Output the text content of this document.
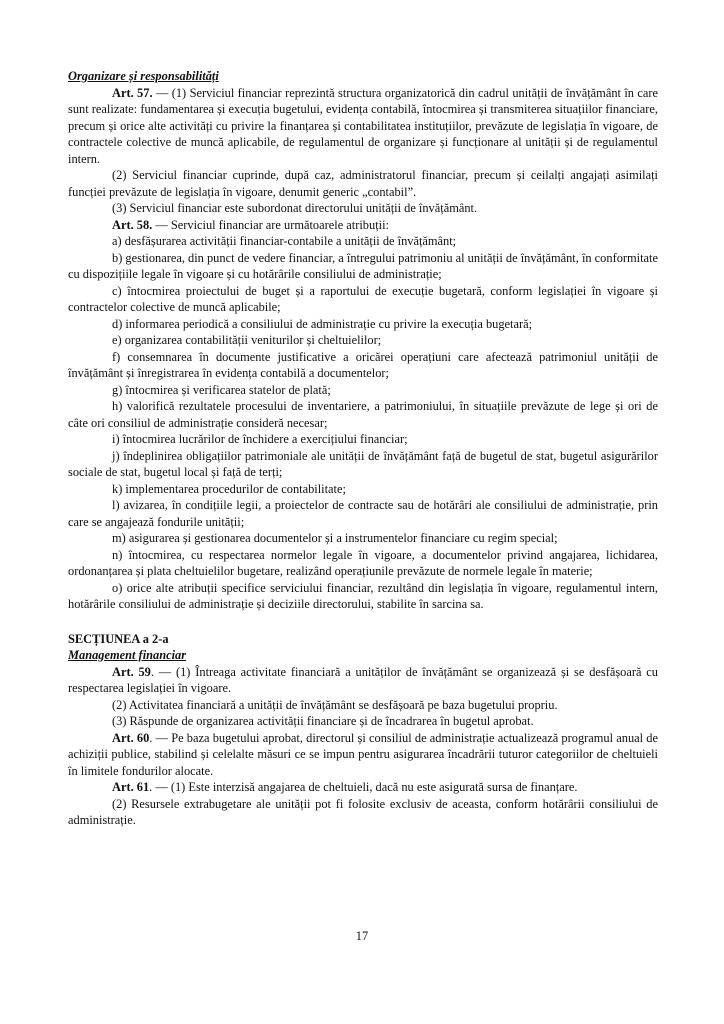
Organizare și responsabilități

Art. 57. — (1) Serviciul financiar reprezintă structura organizatorică din cadrul unității de învățământ în care sunt realizate: fundamentarea și execuția bugetului, evidența contabilă, întocmirea și transmiterea situațiilor financiare, precum și orice alte activități cu privire la finanțarea și contabilitatea instituțiilor, prevăzute de legislația în vigoare, de contractele colective de muncă aplicabile, de regulamentul de organizare și funcționare al unității și de regulamentul intern.

(2) Serviciul financiar cuprinde, după caz, administratorul financiar, precum și ceilalți angajați asimilați funcției prevăzute de legislația în vigoare, denumit generic „contabil”.

(3) Serviciul financiar este subordonat directorului unității de învățământ.

Art. 58. — Serviciul financiar are următoarele atribuții:

a) desfășurarea activității financiar-contabile a unității de învățământ;

b) gestionarea, din punct de vedere financiar, a întregului patrimoniu al unității de învățământ, în conformitate cu dispozițiile legale în vigoare și cu hotărârile consiliului de administrație;

c) întocmirea proiectului de buget și a raportului de execuție bugetară, conform legislației în vigoare și contractelor colective de muncă aplicabile;

d) informarea periodică a consiliului de administrație cu privire la execuția bugetară;

e) organizarea contabilității veniturilor și cheltuielilor;

f) consemnarea în documente justificative a oricărei operațiuni care afectează patrimoniul unității de învățământ și înregistrarea în evidența contabilă a documentelor;

g) întocmirea și verificarea statelor de plată;

h) valorifică rezultatele procesului de inventariere, a patrimoniului, în situațiile prevăzute de lege și ori de câte ori consiliul de administrație consideră necesar;

i) întocmirea lucrărilor de închidere a exercițiului financiar;

j) îndeplinirea obligațiilor patrimoniale ale unității de învățământ față de bugetul de stat, bugetul asigurărilor sociale de stat, bugetul local și față de terți;

k) implementarea procedurilor de contabilitate;

l) avizarea, în condițiile legii, a proiectelor de contracte sau de hotărâri ale consiliului de administrație, prin care se angajează fondurile unității;

m) asigurarea și gestionarea documentelor și a instrumentelor financiare cu regim special;

n) întocmirea, cu respectarea normelor legale în vigoare, a documentelor privind angajarea, lichidarea, ordonanțarea și plata cheltuielilor bugetare, realizând operațiunile prevăzute de normele legale în materie;

o) orice alte atribuții specifice serviciului financiar, rezultând din legislația în vigoare, regulamentul intern, hotărârile consiliului de administrație și deciziile directorului, stabilite în sarcina sa.

SECȚIUNEA a 2-a

Management financiar

Art. 59. — (1) Întreaga activitate financiară a unităților de învățământ se organizează și se desfășoară cu respectarea legislației în vigoare.

(2) Activitatea financiară a unității de învățământ se desfășoară pe baza bugetului propriu.

(3) Răspunde de organizarea activității financiare și de încadrarea în bugetul aprobat.

Art. 60. — Pe baza bugetului aprobat, directorul și consiliul de administrație actualizează programul anual de achiziții publice, stabilind și celelalte măsuri ce se impun pentru asigurarea încadrării tuturor categoriilor de cheltuieli în limitele fondurilor alocate.

Art. 61. — (1) Este interzisă angajarea de cheltuieli, dacă nu este asigurată sursa de finanțare.

(2) Resursele extrabugetare ale unității pot fi folosite exclusiv de aceasta, conform hotărârii consiliului de administrație.

17
